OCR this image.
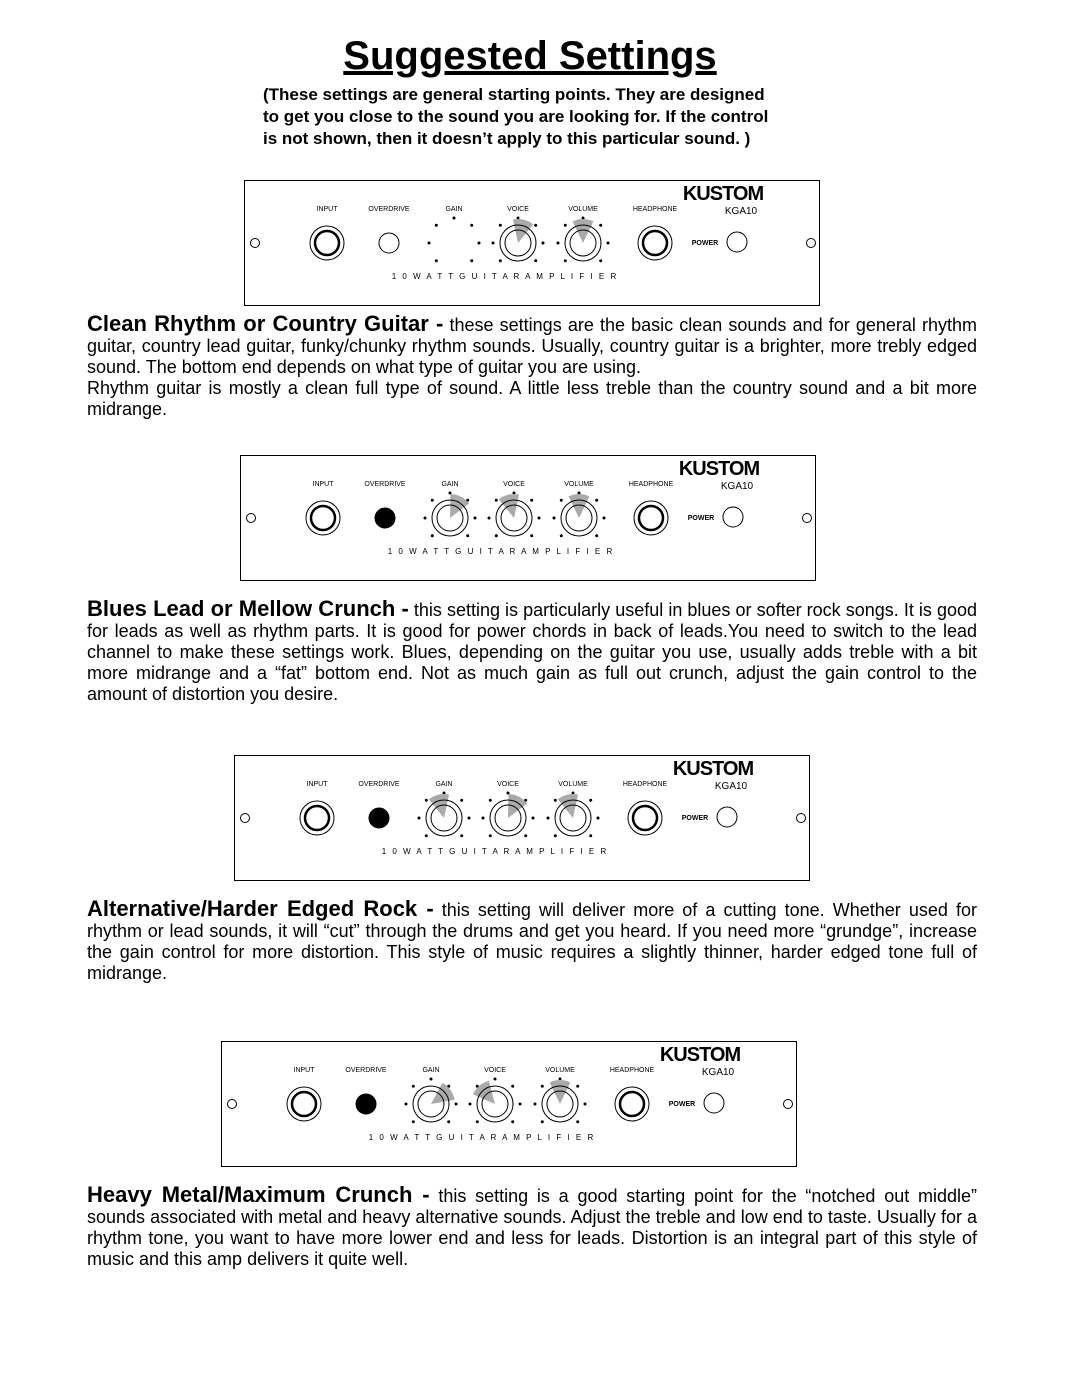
Suggested Settings

(These settings are general starting points. They are designed to get you close to the sound you are looking for. If the control is not shown, then it doesn’t apply to this particular sound. )

KUSTOM
KGA10
INPUT	OVERDRIVE	GAIN	VOICE	VOLUME	HEADPHONE
POWER
1 0 W A T T G U I T A R A M P L I F I E R

Clean Rhythm or Country Guitar - these settings are the basic clean sounds and for general rhythm guitar, country lead guitar, funky/chunky rhythm sounds. Usually, country guitar is a brighter, more trebly edged sound. The bottom end depends on what type of guitar you are using.

Rhythm guitar is mostly a clean full type of sound. A little less treble than the country sound and a bit more midrange.

KUSTOM
KGA10
INPUT	OVERDRIVE	GAIN	VOICE	VOLUME	HEADPHONE
POWER
1 0 W A T T G U I T A R A M P L I F I E R

Blues Lead or Mellow Crunch - this setting is particularly useful in blues or softer rock songs. It is good for leads as well as rhythm parts. It is good for power chords in back of leads.You need to switch to the lead channel to make these settings work. Blues, depending on the guitar you use, usually adds treble with a bit more midrange and a “fat” bottom end. Not as much gain as full out crunch, adjust the gain control to the amount of distortion you desire.

KUSTOM
KGA10
INPUT	OVERDRIVE	GAIN	VOICE	VOLUME	HEADPHONE
POWER
1 0 W A T T G U I T A R A M P L I F I E R

Alternative/Harder Edged Rock - this setting will deliver more of a cutting tone. Whether used for rhythm or lead sounds, it will “cut” through the drums and get you heard. If you need more “grundge”, increase the gain control for more distortion. This style of music requires a slightly thinner, harder edged tone full of midrange.

KUSTOM
KGA10
INPUT	OVERDRIVE	GAIN	VOICE	VOLUME	HEADPHONE
POWER
1 0 W A T T G U I T A R A M P L I F I E R

Heavy Metal/Maximum Crunch - this setting is a good starting point for the “notched out middle” sounds associated with metal and heavy alternative sounds. Adjust the treble and low end to taste. Usually for a rhythm tone, you want to have more lower end and less for leads. Distortion is an integral part of this style of music and this amp delivers it quite well.
